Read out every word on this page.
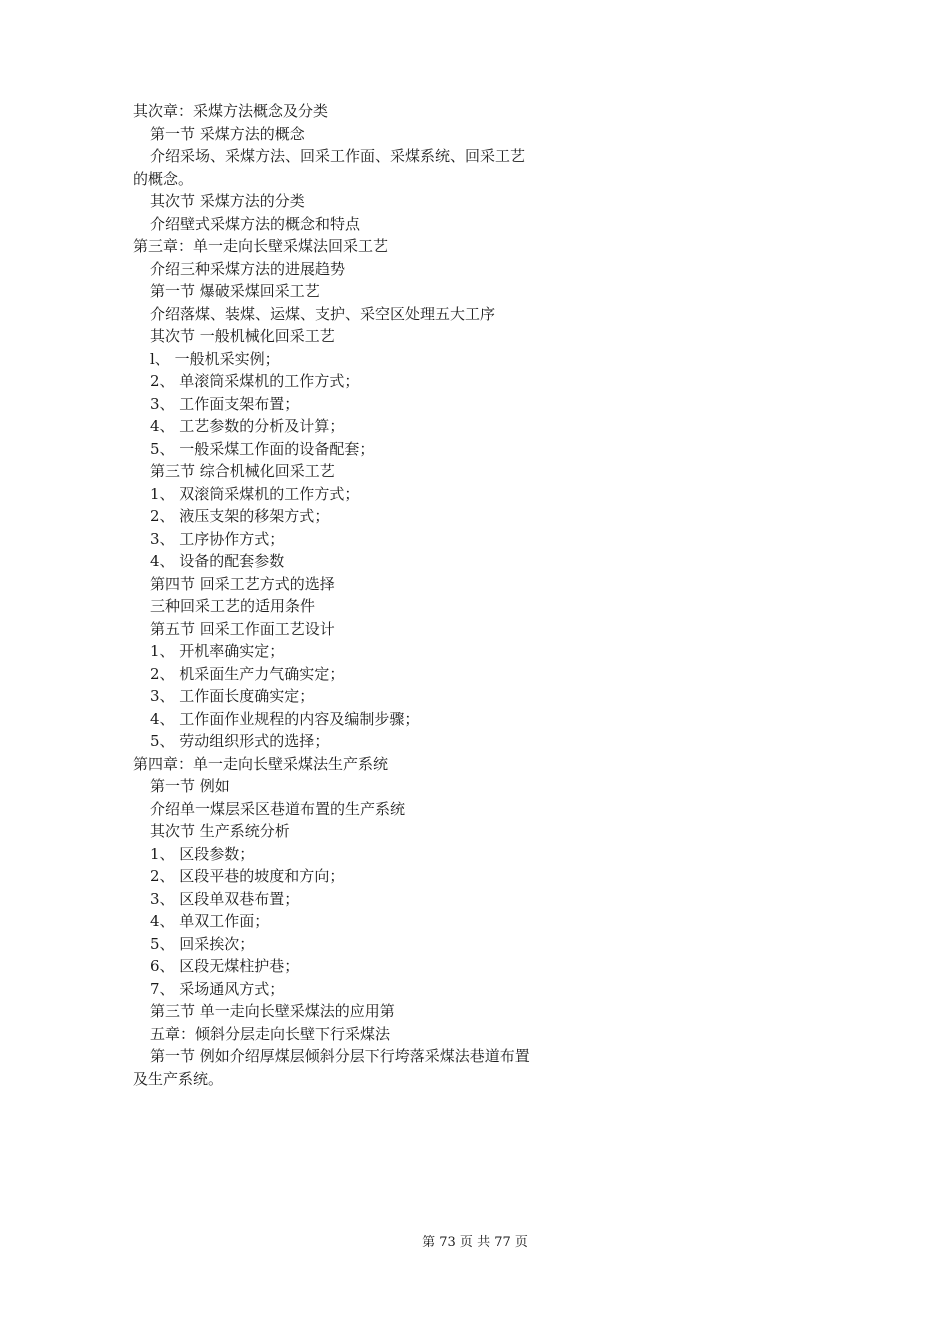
其次章：采煤方法概念及分类
第一节 采煤方法的概念
介绍采场、采煤方法、回采工作面、采煤系统、回采工艺
的概念。
其次节 采煤方法的分类
介绍壁式采煤方法的概念和特点
第三章：单一走向长壁采煤法回采工艺
介绍三种采煤方法的进展趋势
第一节 爆破采煤回采工艺
介绍落煤、装煤、运煤、支护、采空区处理五大工序
其次节 一般机械化回采工艺
l、 一般机采实例；
2、 单滚筒采煤机的工作方式；
3、 工作面支架布置；
4、 工艺参数的分析及计算；
5、 一般采煤工作面的设备配套；
第三节 综合机械化回采工艺
1、 双滚筒采煤机的工作方式；
2、 液压支架的移架方式；
3、 工序协作方式；
4、 设备的配套参数
第四节 回采工艺方式的选择
三种回采工艺的适用条件
第五节 回采工作面工艺设计
1、 开机率确实定；
2、 机采面生产力气确实定；
3、 工作面长度确实定；
4、 工作面作业规程的内容及编制步骤；
5、 劳动组织形式的选择；
第四章：单一走向长壁采煤法生产系统
第一节 例如
介绍单一煤层采区巷道布置的生产系统
其次节 生产系统分析
1、 区段参数；
2、 区段平巷的坡度和方向；
3、 区段单双巷布置；
4、 单双工作面；
5、 回采挨次；
6、 区段无煤柱护巷；
7、 采场通风方式；
第三节 单一走向长壁采煤法的应用第
五章：倾斜分层走向长壁下行采煤法
第一节 例如介绍厚煤层倾斜分层下行垮落采煤法巷道布置
及生产系统。
第 73 页 共 77 页
